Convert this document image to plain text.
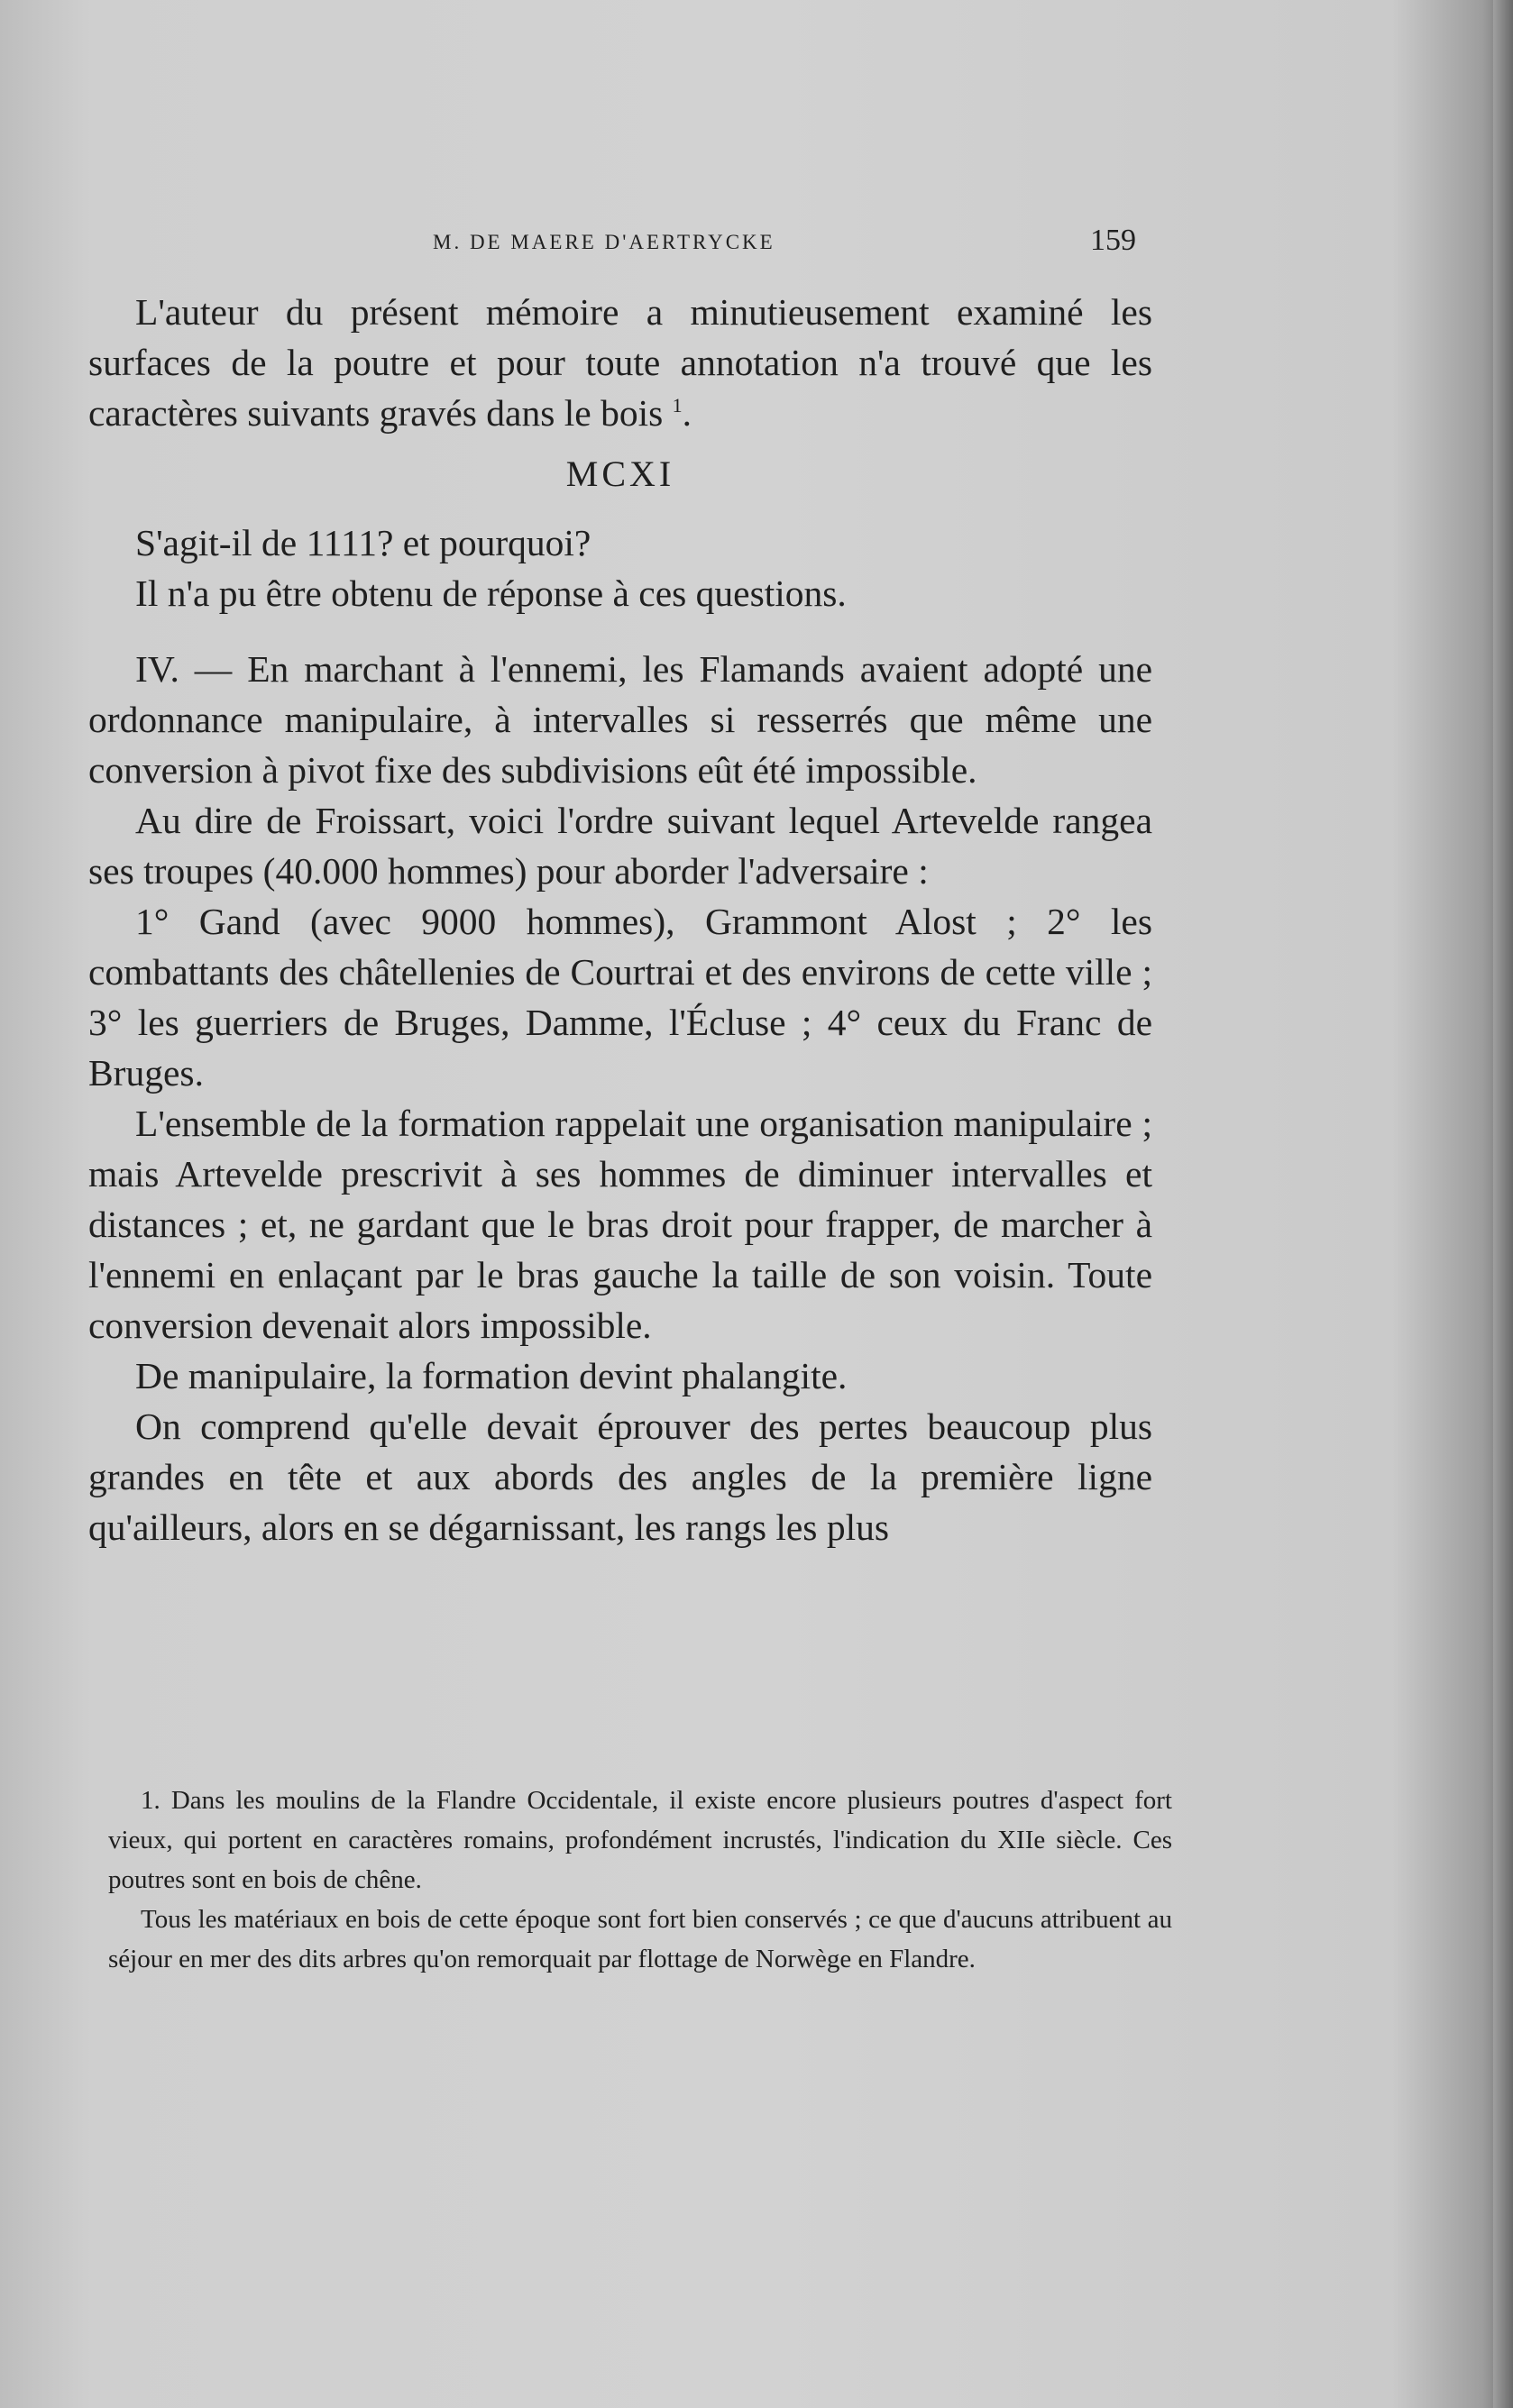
M. DE MAERE D'AERTRYCKE	159

L'auteur du présent mémoire a minutieusement examiné les surfaces de la poutre et pour toute annotation n'a trouvé que les caractères suivants gravés dans le bois $^1$.

MCXI

S'agit-il de 1111? et pourquoi?

Il n'a pu être obtenu de réponse à ces questions.

IV. — En marchant à l'ennemi, les Flamands avaient adopté une ordonnance manipulaire, à intervalles si resserrés que même une conversion à pivot fixe des subdivisions eût été impossible.

Au dire de Froissart, voici l'ordre suivant lequel Artevelde rangea ses troupes (40.000 hommes) pour aborder l'adversaire :

1° Gand (avec 9000 hommes), Grammont Alost ; 2° les combattants des châtellenies de Courtrai et des environs de cette ville ; 3° les guerriers de Bruges, Damme, l'Écluse ; 4° ceux du Franc de Bruges.

L'ensemble de la formation rappelait une organisation manipulaire ; mais Artevelde prescrivit à ses hommes de diminuer intervalles et distances ; et, ne gardant que le bras droit pour frapper, de marcher à l'ennemi en enlaçant par le bras gauche la taille de son voisin. Toute conversion devenait alors impossible.

De manipulaire, la formation devint phalangite.

On comprend qu'elle devait éprouver des pertes beaucoup plus grandes en tête et aux abords des angles de la première ligne qu'ailleurs, alors en se dégarnissant, les rangs les plus

1. Dans les moulins de la Flandre Occidentale, il existe encore plusieurs poutres d'aspect fort vieux, qui portent en caractères romains, profondément incrustés, l'indication du XIIe siècle. Ces poutres sont en bois de chêne.

Tous les matériaux en bois de cette époque sont fort bien conservés ; ce que d'aucuns attribuent au séjour en mer des dits arbres qu'on remorquait par flottage de Norwège en Flandre.
